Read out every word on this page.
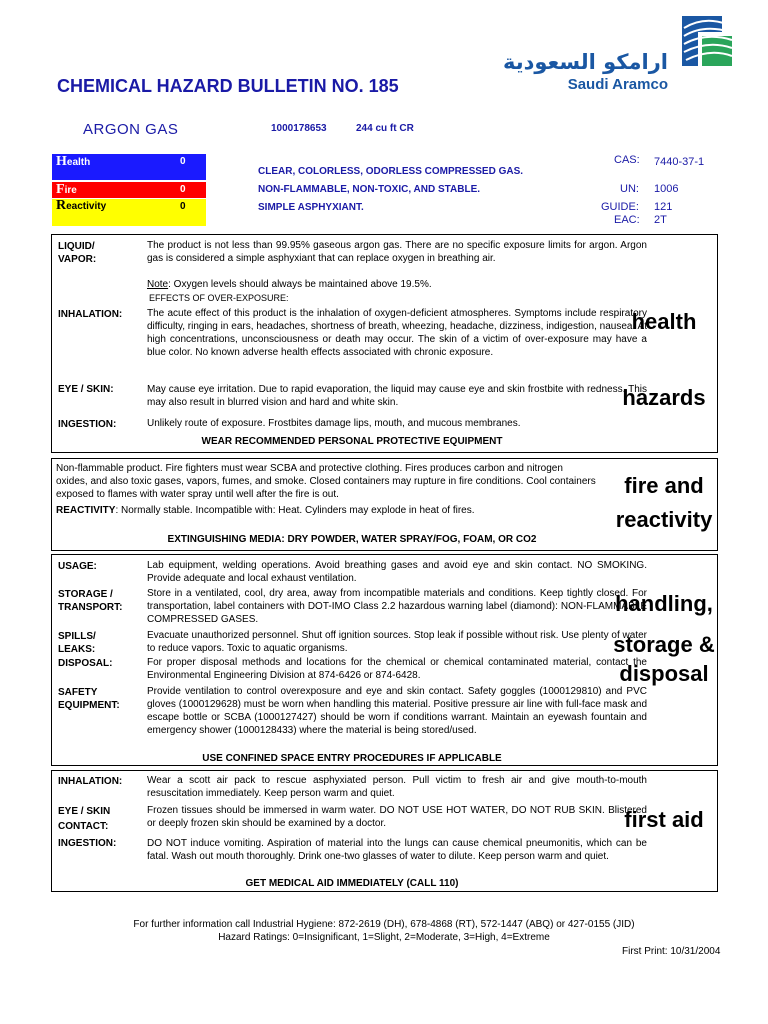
CHEMICAL HAZARD BULLETIN NO. 185
ارامكو السعودية
Saudi Aramco
ARGON GAS	1000178653	244 cu ft CR
Health	0
Fire	0
Reactivity	0
CLEAR, COLORLESS, ODORLESS COMPRESSED GAS.
NON-FLAMMABLE, NON-TOXIC, AND STABLE.
SIMPLE ASPHYXIANT.
CAS: 7440-37-1
UN: 1006
GUIDE: 121
EAC: 2T
LIQUID/
VAPOR:
The product is not less than 99.95% gaseous argon gas. There are no specific exposure limits for argon. Argon gas is considered a simple asphyxiant that can replace oxygen in breathing air.
Note: Oxygen levels should always be maintained above 19.5%.
EFFECTS OF OVER-EXPOSURE:
INHALATION: The acute effect of this product is the inhalation of oxygen-deficient atmospheres. Symptoms include respiratory difficulty, ringing in ears, headaches, shortness of breath, wheezing, headache, dizziness, indigestion, nausea. At high concentrations, unconsciousness or death may occur. The skin of a victim of over-exposure may have a blue color. No known adverse health effects associated with chronic exposure.
EYE / SKIN:	May cause eye irritation. Due to rapid evaporation, the liquid may cause eye and skin frostbite with redness. This may also result in blurred vision and hard and white skin.
INGESTION:	Unlikely route of exposure. Frostbites damage lips, mouth, and mucous membranes.
WEAR RECOMMENDED PERSONAL PROTECTIVE EQUIPMENT
health
hazards
Non-flammable product. Fire fighters must wear SCBA and protective clothing. Fires produces carbon and nitrogen oxides, and also toxic gases, vapors, fumes, and smoke. Closed containers may rupture in fire conditions. Cool containers exposed to flames with water spray until well after the fire is out.
REACTIVITY: Normally stable. Incompatible with: Heat. Cylinders may explode in heat of fires.
EXTINGUISHING MEDIA: DRY POWDER, WATER SPRAY/FOG, FOAM, OR CO2
fire and
reactivity
USAGE:	Lab equipment, welding operations. Avoid breathing gases and avoid eye and skin contact. NO SMOKING. Provide adequate and local exhaust ventilation.
STORAGE /
TRANSPORT:
Store in a ventilated, cool, dry area, away from incompatible materials and conditions. Keep tightly closed. For transportation, label containers with DOT-IMO Class 2.2 hazardous warning label (diamond): NON-FLAMMABLE COMPRESSED GASES.
SPILLS/
LEAKS:
Evacuate unauthorized personnel. Shut off ignition sources. Stop leak if possible without risk. Use plenty of water to reduce vapors. Toxic to aquatic organisms.
DISPOSAL:	For proper disposal methods and locations for the chemical or chemical contaminated material, contact the Environmental Engineering Division at 874-6426 or 874-6428.
SAFETY
EQUIPMENT:
Provide ventilation to control overexposure and eye and skin contact. Safety goggles (1000129810) and PVC gloves (1000129628) must be worn when handling this material. Positive pressure air line with full-face mask and escape bottle or SCBA (1000127427) should be worn if conditions warrant. Maintain an eyewash fountain and emergency shower (1000128433) where the material is being stored/used.
USE CONFINED SPACE ENTRY PROCEDURES IF APPLICABLE
handling,
storage &
disposal
INHALATION: Wear a scott air pack to rescue asphyxiated person. Pull victim to fresh air and give mouth-to-mouth resuscitation immediately. Keep person warm and quiet.
EYE / SKIN
CONTACT:
Frozen tissues should be immersed in warm water. DO NOT USE HOT WATER, DO NOT RUB SKIN. Blistered or deeply frozen skin should be examined by a doctor.
INGESTION:	DO NOT induce vomiting. Aspiration of material into the lungs can cause chemical pneumonitis, which can be fatal. Wash out mouth thoroughly. Drink one-two glasses of water to dilute. Keep person warm and quiet.
GET MEDICAL AID IMMEDIATELY (CALL 110)
first aid
For further information call Industrial Hygiene: 872-2619 (DH), 678-4868 (RT), 572-1447 (ABQ) or 427-0155 (JID)
Hazard Ratings: 0=Insignificant, 1=Slight, 2=Moderate, 3=High, 4=Extreme
First Print: 10/31/2004
